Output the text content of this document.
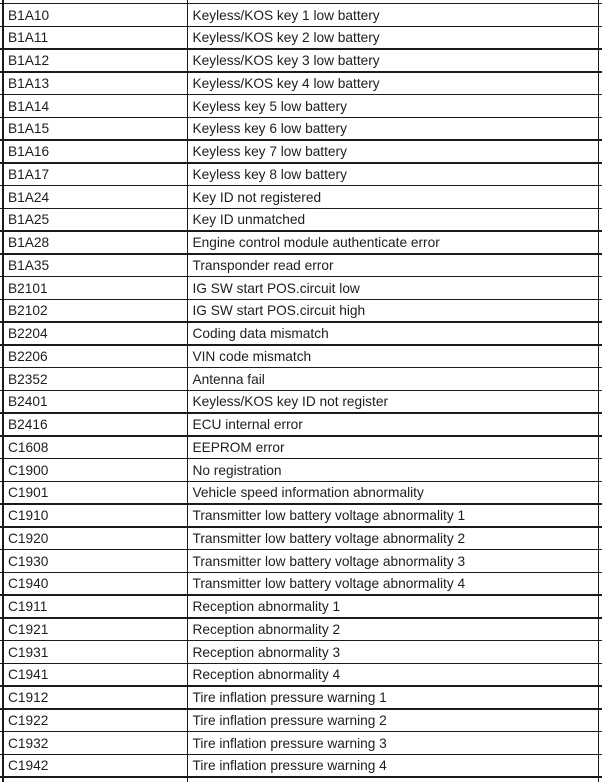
B1A10	Keyless/KOS key 1 low battery
B1A11	Keyless/KOS key 2 low battery
B1A12	Keyless/KOS key 3 low battery
B1A13	Keyless/KOS key 4 low battery
B1A14	Keyless key 5 low battery
B1A15	Keyless key 6 low battery
B1A16	Keyless key 7 low battery
B1A17	Keyless key 8 low battery
B1A24	Key ID not registered
B1A25	Key ID unmatched
B1A28	Engine control module authenticate error
B1A35	Transponder read error
B2101	IG SW start POS.circuit low
B2102	IG SW start POS.circuit high
B2204	Coding data mismatch
B2206	VIN code mismatch
B2352	Antenna fail
B2401	Keyless/KOS key ID not register
B2416	ECU internal error
C1608	EEPROM error
C1900	No registration
C1901	Vehicle speed information abnormality
C1910	Transmitter low battery voltage abnormality 1
C1920	Transmitter low battery voltage abnormality 2
C1930	Transmitter low battery voltage abnormality 3
C1940	Transmitter low battery voltage abnormality 4
C1911	Reception abnormality 1
C1921	Reception abnormality 2
C1931	Reception abnormality 3
C1941	Reception abnormality 4
C1912	Tire inflation pressure warning 1
C1922	Tire inflation pressure warning 2
C1932	Tire inflation pressure warning 3
C1942	Tire inflation pressure warning 4
